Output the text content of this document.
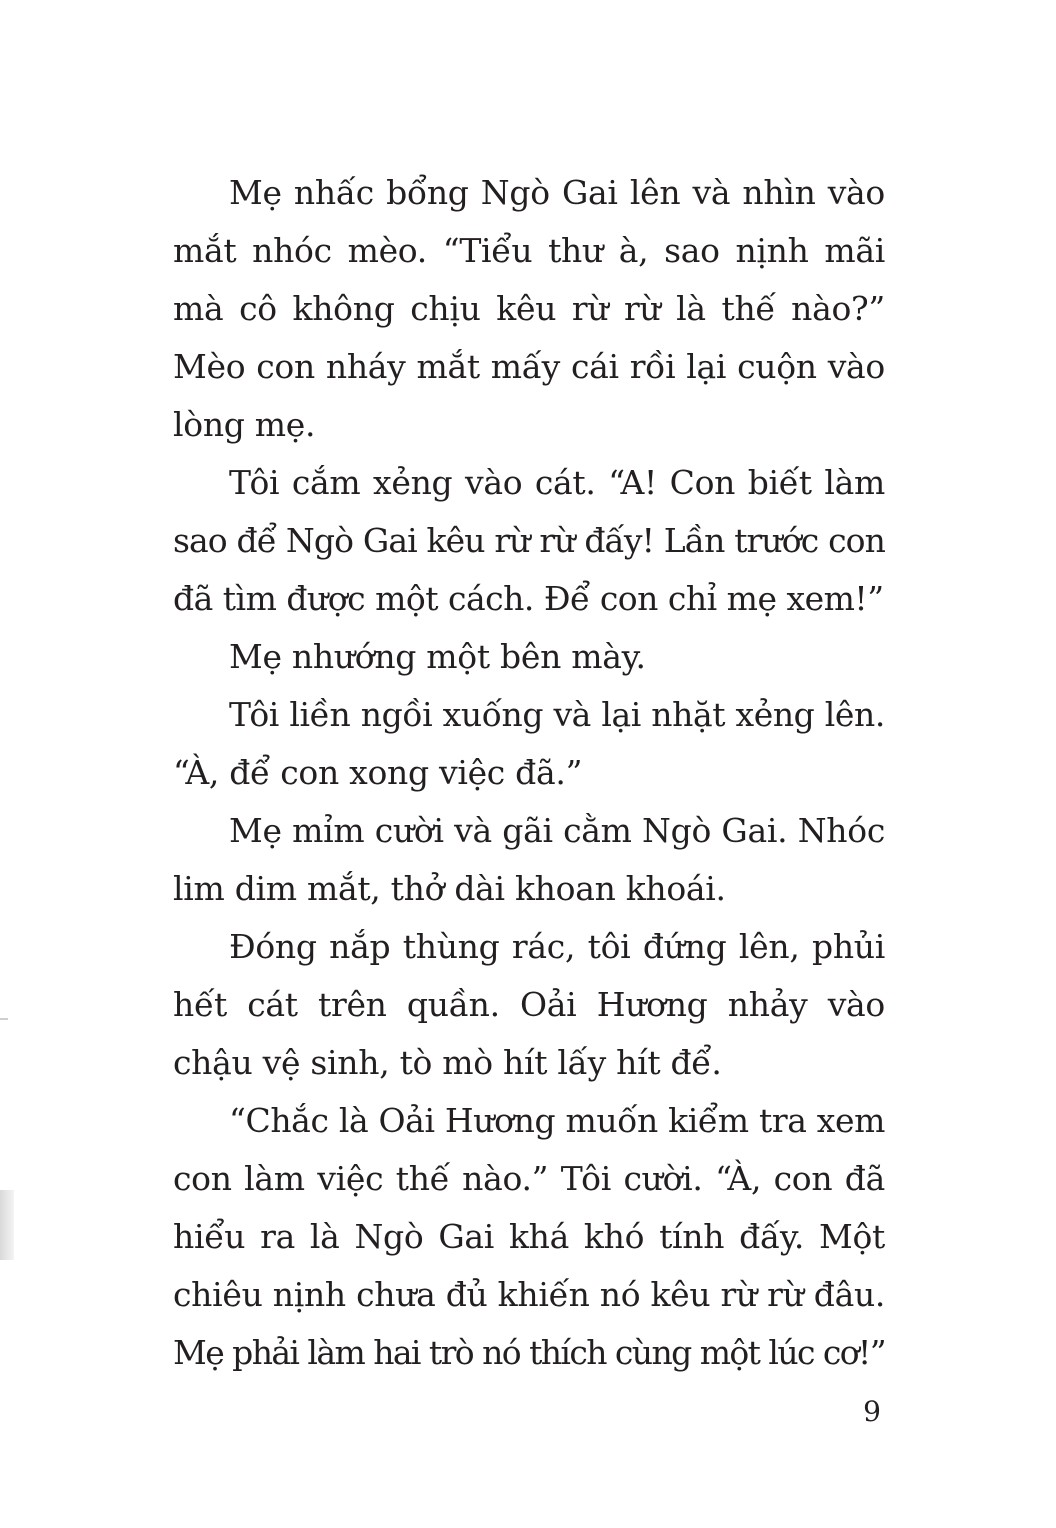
Mẹ nhấc bổng Ngò Gai lên và nhìn vào
mắt nhóc mèo. “Tiểu thư à, sao nịnh mãi
mà cô không chịu kêu rừ rừ là thế nào?”
Mèo con nháy mắt mấy cái rồi lại cuộn vào
lòng mẹ.
Tôi cắm xẻng vào cát. “A! Con biết làm
sao để Ngò Gai kêu rừ rừ đấy! Lần trước con
đã tìm được một cách. Để con chỉ mẹ xem!”
Mẹ nhướng một bên mày.
Tôi liền ngồi xuống và lại nhặt xẻng lên.
“À, để con xong việc đã.”
Mẹ mỉm cười và gãi cằm Ngò Gai. Nhóc
lim dim mắt, thở dài khoan khoái.
Đóng nắp thùng rác, tôi đứng lên, phủi
hết cát trên quần. Oải Hương nhảy vào
chậu vệ sinh, tò mò hít lấy hít để.
“Chắc là Oải Hương muốn kiểm tra xem
con làm việc thế nào.” Tôi cười. “À, con đã
hiểu ra là Ngò Gai khá khó tính đấy. Một
chiêu nịnh chưa đủ khiến nó kêu rừ rừ đâu.
Mẹ phải làm hai trò nó thích cùng một lúc cơ!”
9
